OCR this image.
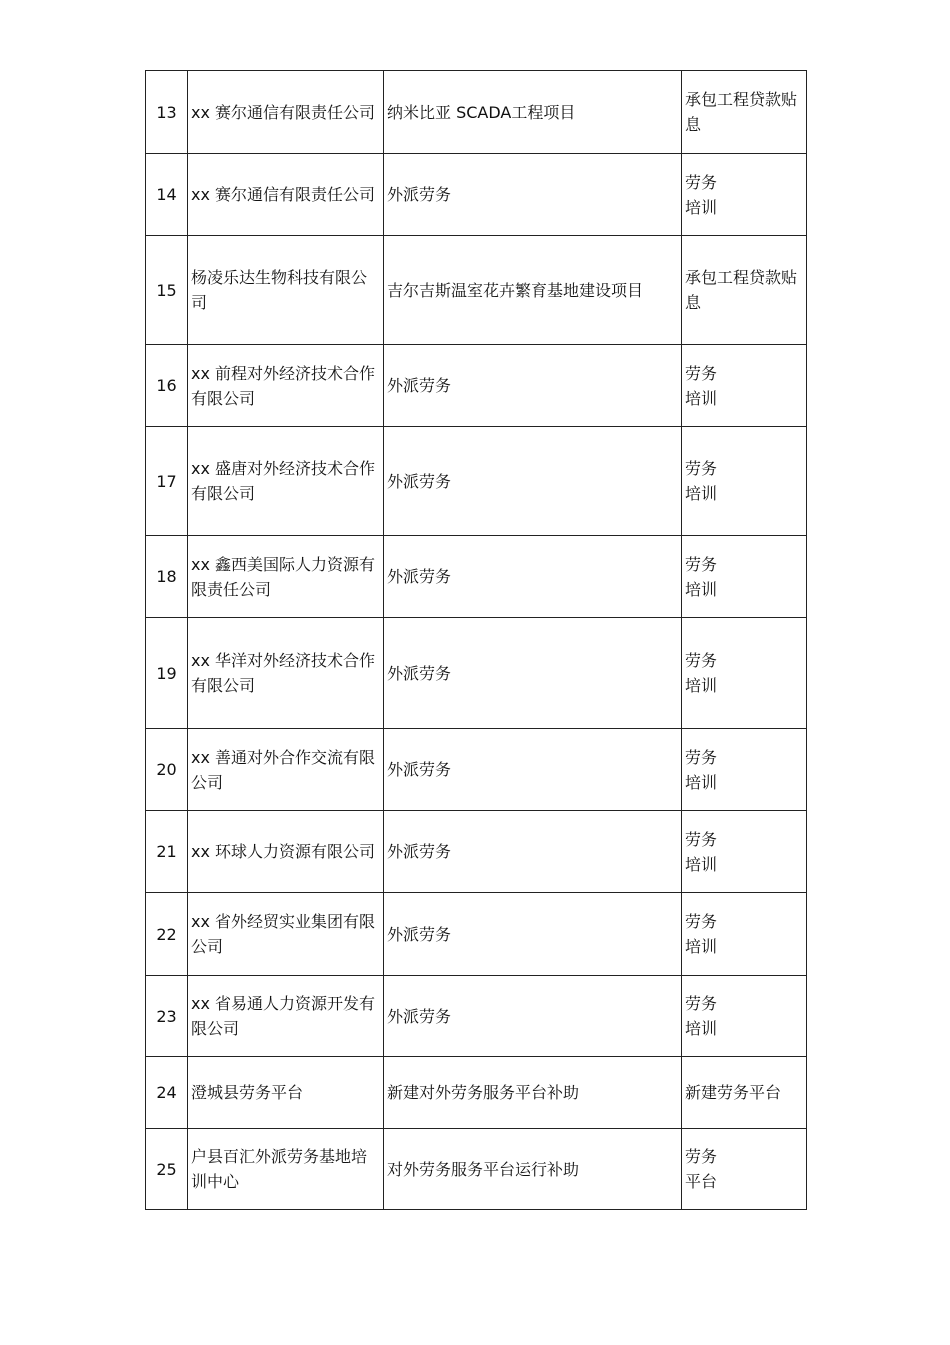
13	xx 赛尔通信有限责任公司	纳米比亚 SCADA工程项目	承包工程贷款贴息
14	xx 赛尔通信有限责任公司	外派劳务	劳务
培训
15	杨凌乐达生物科技有限公司	吉尔吉斯温室花卉繁育基地建设项目	承包工程贷款贴息
16	xx 前程对外经济技术合作有限公司	外派劳务	劳务
培训
17	xx 盛唐对外经济技术合作有限公司	外派劳务	劳务
培训
18	xx 鑫西美国际人力资源有限责任公司	外派劳务	劳务
培训
19	xx 华洋对外经济技术合作有限公司	外派劳务	劳务
培训
20	xx 善通对外合作交流有限公司	外派劳务	劳务
培训
21	xx 环球人力资源有限公司	外派劳务	劳务
培训
22	xx 省外经贸实业集团有限公司	外派劳务	劳务
培训
23	xx 省易通人力资源开发有限公司	外派劳务	劳务
培训
24	澄城县劳务平台	新建对外劳务服务平台补助	新建劳务平台
25	户县百汇外派劳务基地培训中心	对外劳务服务平台运行补助	劳务
平台
